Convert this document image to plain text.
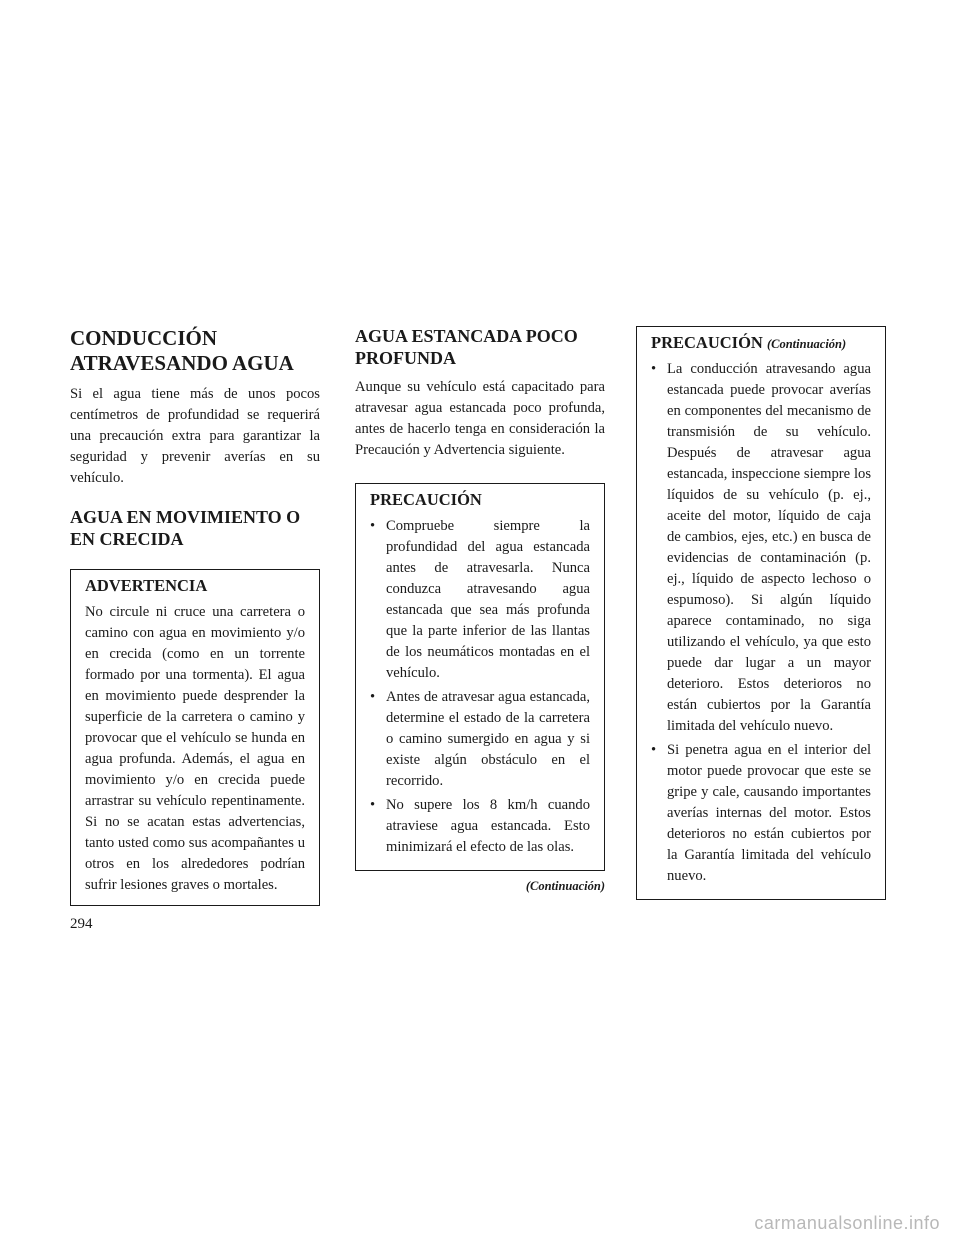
CONDUCCIÓN ATRAVESANDO AGUA

Si el agua tiene más de unos pocos centímetros de profundidad se requerirá una precaución extra para garantizar la seguridad y prevenir averías en su vehículo.

AGUA EN MOVIMIENTO O EN CRECIDA
ADVERTENCIA

No circule ni cruce una carretera o camino con agua en movimiento y/o en crecida (como en un torrente formado por una tormenta). El agua en movimiento puede desprender la superficie de la carretera o camino y provocar que el vehículo se hunda en agua profunda. Además, el agua en movimiento y/o en crecida puede arrastrar su vehículo repentinamente. Si no se acatan estas advertencias, tanto usted como sus acompañantes u otros en los alrededores podrían sufrir lesiones graves o mortales.

AGUA ESTANCADA POCO PROFUNDA

Aunque su vehículo está capacitado para atravesar agua estancada poco profunda, antes de hacerlo tenga en consideración la Precaución y Advertencia siguiente.

PRECAUCIÓN
• Compruebe siempre la profundidad del agua estancada antes de atravesarla. Nunca conduzca atravesando agua estancada que sea más profunda que la parte inferior de las llantas de los neumáticos montadas en el vehículo.
• Antes de atravesar agua estancada, determine el estado de la carretera o camino sumergido en agua y si existe algún obstáculo en el recorrido.
• No supere los 8 km/h cuando atraviese agua estancada. Esto minimizará el efecto de las olas.
(Continuación)
PRECAUCIÓN (Continuación)
• La conducción atravesando agua estancada puede provocar averías en componentes del mecanismo de transmisión de su vehículo. Después de atravesar agua estancada, inspeccione siempre los líquidos de su vehículo (p. ej., aceite del motor, líquido de caja de cambios, ejes, etc.) en busca de evidencias de contaminación (p. ej., líquido de aspecto lechoso o espumoso). Si algún líquido aparece contaminado, no siga utilizando el vehículo, ya que esto puede dar lugar a un mayor deterioro. Estos deterioros no están cubiertos por la Garantía limitada del vehículo nuevo.
• Si penetra agua en el interior del motor puede provocar que este se gripe y cale, causando importantes averías internas del motor. Estos deterioros no están cubiertos por la Garantía limitada del vehículo nuevo.
294
carmanualsonline.info
